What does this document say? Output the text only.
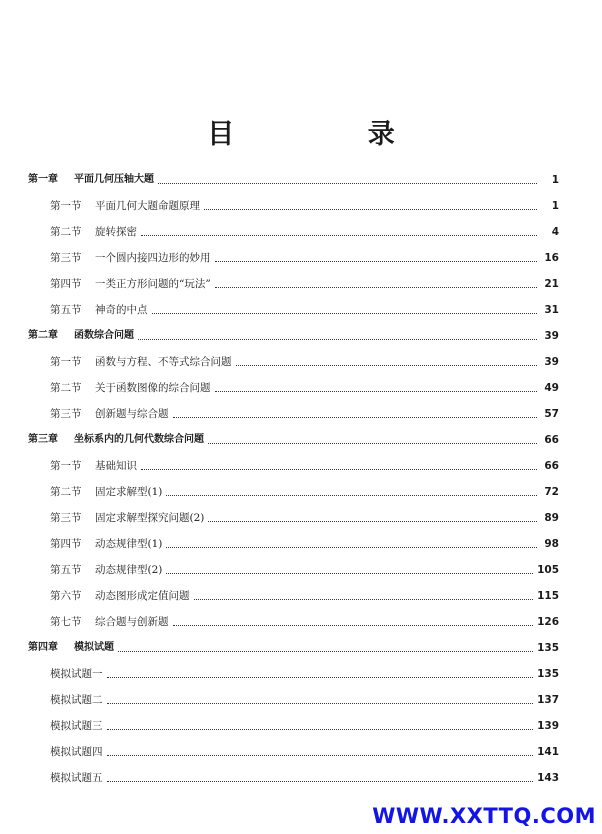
目 录
第一章 平面几何压轴大题	1
第一节 平面几何大题命题原理	1
第二节 旋转探密	4
第三节 一个圆内接四边形的妙用	16
第四节 一类正方形问题的“玩法”	21
第五节 神奇的中点	31
第二章 函数综合问题	39
第一节 函数与方程、不等式综合问题	39
第二节 关于函数图像的综合问题	49
第三节 创新题与综合题	57
第三章 坐标系内的几何代数综合问题	66
第一节 基础知识	66
第二节 固定求解型(1)	72
第三节 固定求解型探究问题(2)	89
第四节 动态规律型(1)	98
第五节 动态规律型(2)	105
第六节 动态图形成定值问题	115
第七节 综合题与创新题	126
第四章 模拟试题	135
模拟试题一	135
模拟试题二	137
模拟试题三	139
模拟试题四	141
模拟试题五	143
WWW.XXTTQ.COM
